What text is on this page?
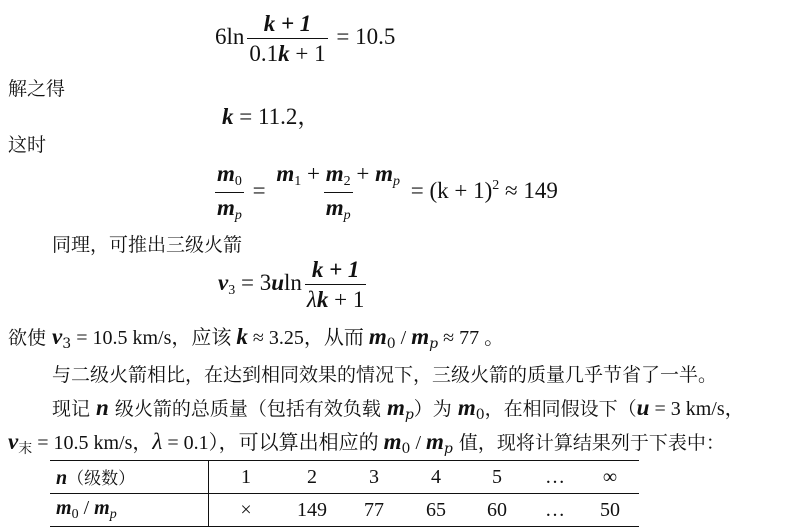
$6\ln \frac{k + 1}{0.1k + 1} = 10.5$
解之得
k = 11.2，
这时
$\frac{m_0}{m_p} = \frac{m_1 + m_2 + m_p}{m_p} = (k + 1)^2 \approx 149$
同理，可推出三级火箭
$v_3 = 3uln \frac{k + 1}{\lambda k + 1}$
欲使 $v_3 = 10.5$ km/s，应该 k ≈ 3.25，从而 $m_0 / m_p \approx 77$ 。
与二级火箭相比，在达到相同效果的情况下，三级火箭的质量几乎节省了一半。
现记 n 级火箭的总质量（包括有效负载 $m_p$）为 $m_0$，在相同假设下（u = 3 km/s，
$v_末 = 10.5$ km/s，λ = 0.1），可以算出相应的 $m_0 / m_p$ 值，现将计算结果列于下表中：
n（级数）	1	2	3	4	5	…	∞
$m_0 / m_p$	×	149	77	65	60	…	50
